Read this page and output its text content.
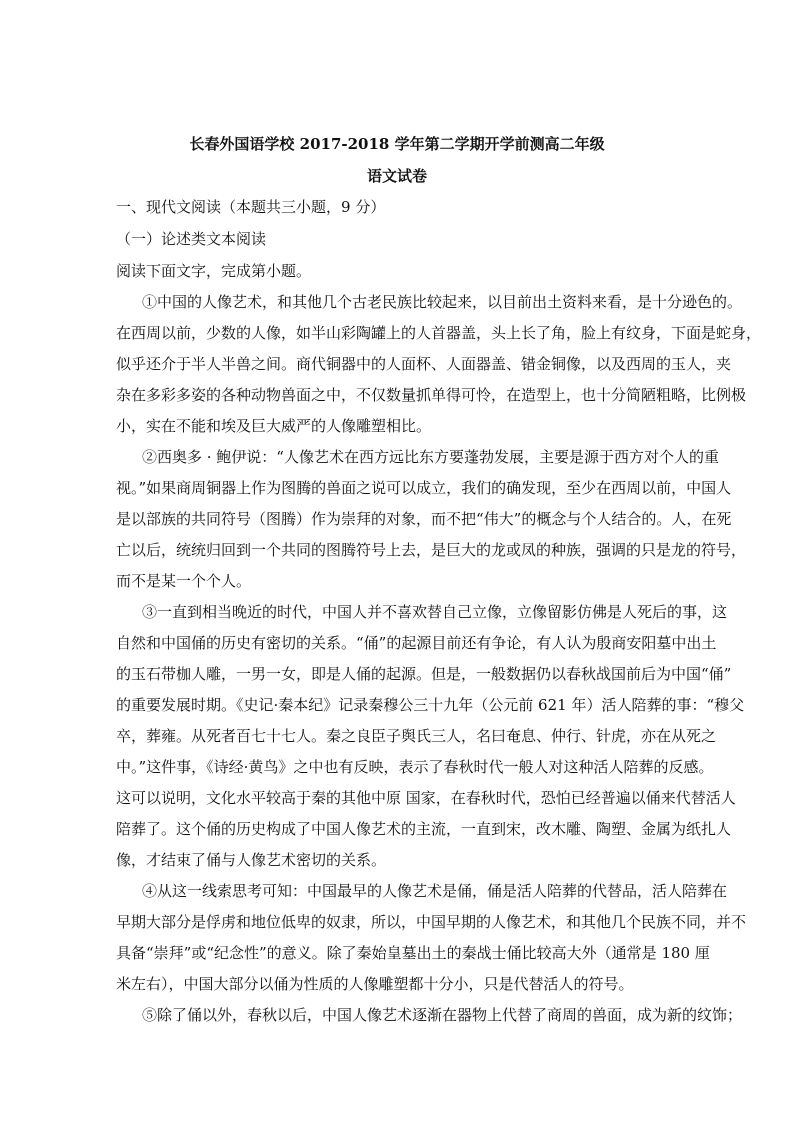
长春外国语学校 2017-2018 学年第二学期开学前测高二年级
语文试卷
一、现代文阅读（本题共三小题，9 分）
（一）论述类文本阅读
阅读下面文字，完成第小题。
①中国的人像艺术，和其他几个古老民族比较起来，以目前出土资料来看，是十分逊色的。
在西周以前，少数的人像，如半山彩陶罐上的人首器盖，头上长了角，脸上有纹身，下面是蛇身，
似乎还介于半人半兽之间。商代铜器中的人面杯、人面器盖、错金铜像，以及西周的玉人，夹
杂在多彩多姿的各种动物兽面之中，不仅数量抓单得可怜，在造型上，也十分简陋粗略，比例极
小，实在不能和埃及巨大威严的人像雕塑相比。
②西奥多 · 鲍伊说：“人像艺术在西方远比东方要蓬勃发展，主要是源于西方对个人的重
视。”如果商周铜器上作为图腾的兽面之说可以成立，我们的确发现，至少在西周以前，中国人
是以部族的共同符号（图腾）作为崇拜的对象，而不把“伟大”的概念与个人结合的。人，在死
亡以后，统统归回到一个共同的图腾符号上去，是巨大的龙或凤的种族，强调的只是龙的符号，
而不是某一个个人。
③一直到相当晚近的时代，中国人并不喜欢替自己立像，立像留影仿佛是人死后的事，这
自然和中国俑的历史有密切的关系。“俑”的起源目前还有争论，有人认为殷商安阳墓中出土
的玉石带枷人雕，一男一女，即是人俑的起源。但是，一般数据仍以春秋战国前后为中国“俑”
的重要发展时期。《史记·秦本纪》记录秦穆公三十九年（公元前 621 年）活人陪葬的事：“穆父
卒，葬雍。从死者百七十七人。秦之良臣子舆氏三人，名曰奄息、仲行、针虎，亦在从死之
中。”这件事，《诗经·黄鸟》之中也有反映，表示了春秋时代一般人对这种活人陪葬的反感。
这可以说明，文化水平较高于秦的其他中原 国家，在春秋时代，恐怕已经普遍以俑来代替活人
陪葬了。这个俑的历史构成了中国人像艺术的主流，一直到宋，改木雕、陶塑、金属为纸扎人
像，才结束了俑与人像艺术密切的关系。
④从这一线索思考可知：中国最早的人像艺术是俑，俑是活人陪葬的代替品，活人陪葬在
早期大部分是俘虏和地位低卑的奴隶，所以，中国早期的人像艺术，和其他几个民族不同，并不
具备“崇拜”或“纪念性”的意义。除了秦始皇墓出土的秦战士俑比较高大外（通常是 180 厘
米左右），中国大部分以俑为性质的人像雕塑都十分小，只是代替活人的符号。
⑤除了俑以外，春秋以后，中国人像艺术逐渐在器物上代替了商周的兽面，成为新的纹饰；
